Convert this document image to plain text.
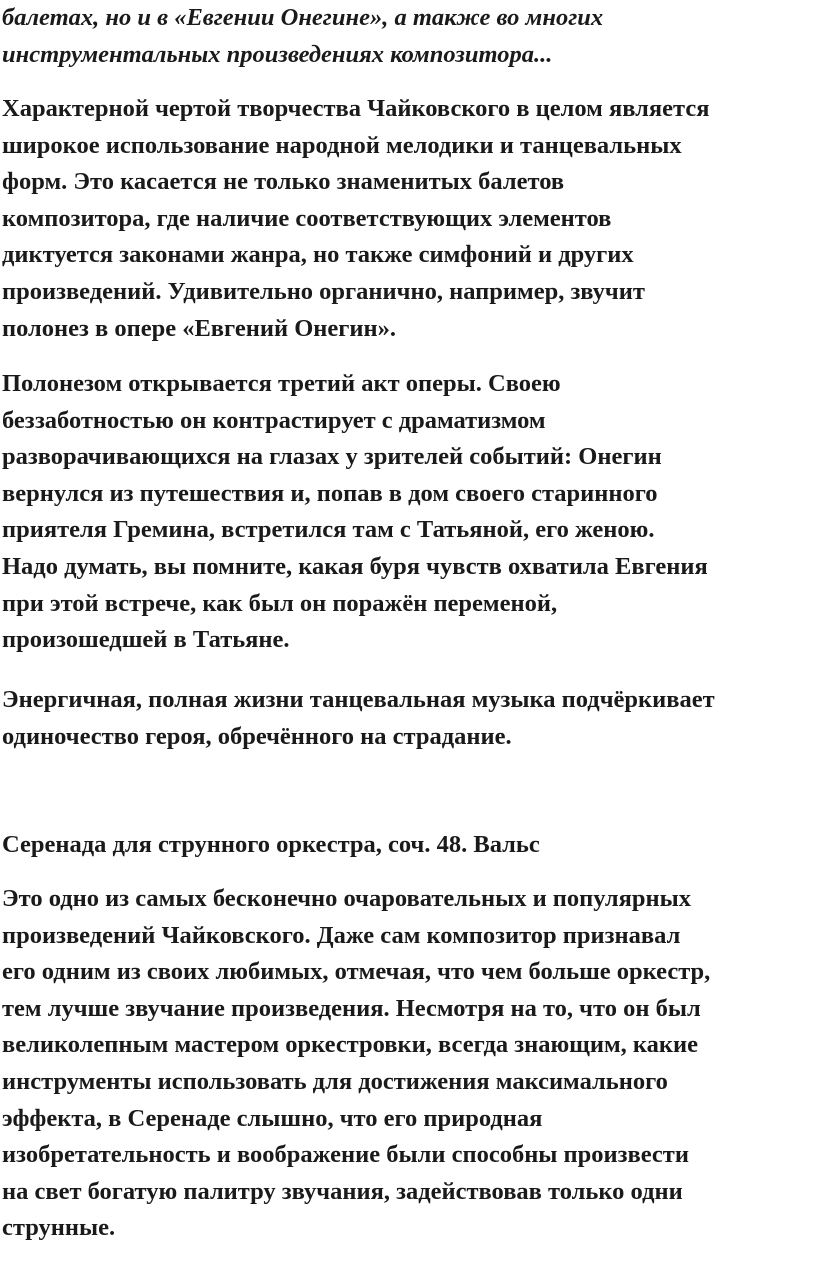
балетах, но и в «Евгении Онегине», а также во многих
инструментальных произведениях композитора...

Характерной чертой творчества Чайковского в целом является
широкое использование народной мелодики и танцевальных
форм. Это касается не только знаменитых балетов
композитора, где наличие соответствующих элементов
диктуется законами жанра, но также симфоний и других
произведений. Удивительно органично, например, звучит
полонез в опере «Евгений Онегин».

Полонезом открывается третий акт оперы. Своею
беззаботностью он контрастирует с драматизмом
разворачивающихся на глазах у зрителей событий: Онегин
вернулся из путешествия и, попав в дом своего старинного
приятеля Гремина, встретился там с Татьяной, его женою.
Надо думать, вы помните, какая буря чувств охватила Евгения
при этой встрече, как был он поражён переменой,
произошедшей в Татьяне.

Энергичная, полная жизни танцевальная музыка подчёркивает
одиночество героя, обречённого на страдание.

Серенада для струнного оркестра, соч. 48. Вальс

Это одно из самых бесконечно очаровательных и популярных
произведений Чайковского. Даже сам композитор признавал
его одним из своих любимых, отмечая, что чем больше оркестр,
тем лучше звучание произведения. Несмотря на то, что он был
великолепным мастером оркестровки, всегда знающим, какие
инструменты использовать для достижения максимального
эффекта, в Серенаде слышно, что его природная
изобретательность и воображение были способны произвести
на свет богатую палитру звучания, задействовав только одни
струнные.
